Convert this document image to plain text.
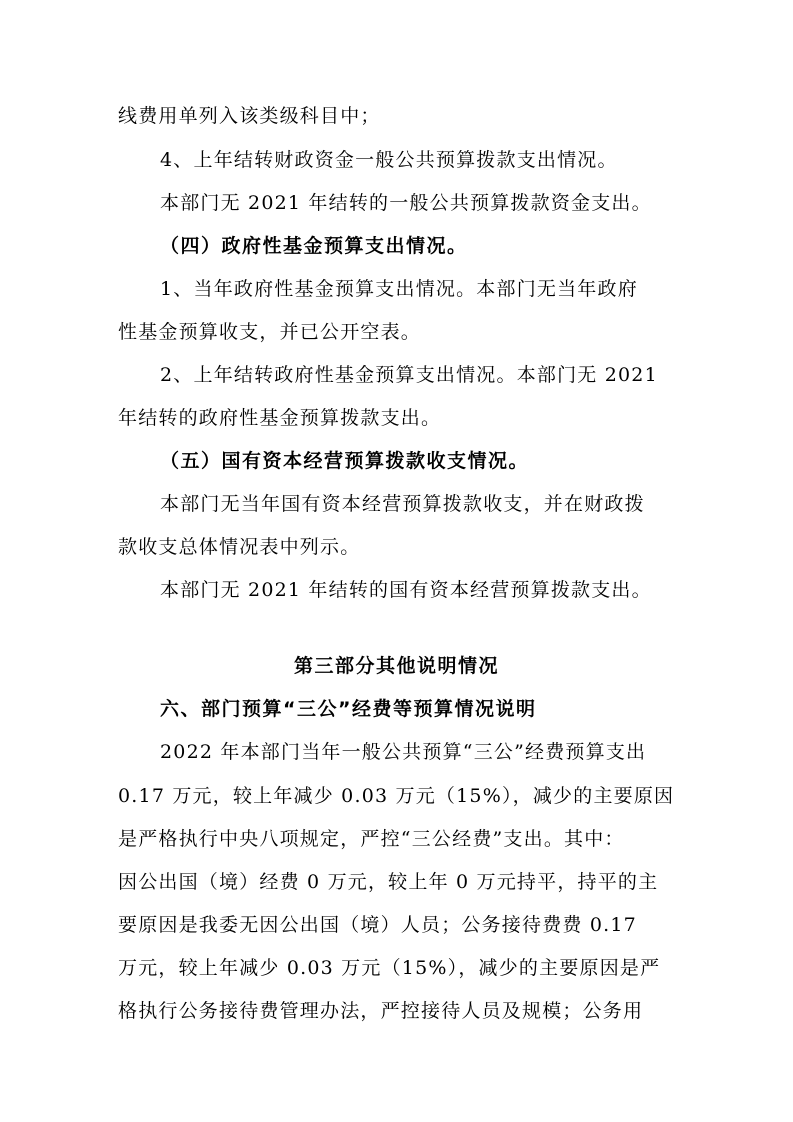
线费用单列入该类级科目中；
4、上年结转财政资金一般公共预算拨款支出情况。
本部门无 2021 年结转的一般公共预算拨款资金支出。
（四）政府性基金预算支出情况。
1、当年政府性基金预算支出情况。本部门无当年政府
性基金预算收支，并已公开空表。
2、上年结转政府性基金预算支出情况。本部门无 2021
年结转的政府性基金预算拨款支出。
（五）国有资本经营预算拨款收支情况。
本部门无当年国有资本经营预算拨款收支，并在财政拨
款收支总体情况表中列示。
本部门无 2021 年结转的国有资本经营预算拨款支出。
第三部分其他说明情况
六、部门预算“三公”经费等预算情况说明
2022 年本部门当年一般公共预算“三公”经费预算支出
0.17 万元，较上年减少 0.03 万元（15%），减少的主要原因
是严格执行中央八项规定，严控“三公经费”支出。其中：
因公出国（境）经费 0 万元，较上年 0 万元持平，持平的主
要原因是我委无因公出国（境）人员；公务接待费费 0.17
万元，较上年减少 0.03 万元（15%），减少的主要原因是严
格执行公务接待费管理办法，严控接待人员及规模；公务用
